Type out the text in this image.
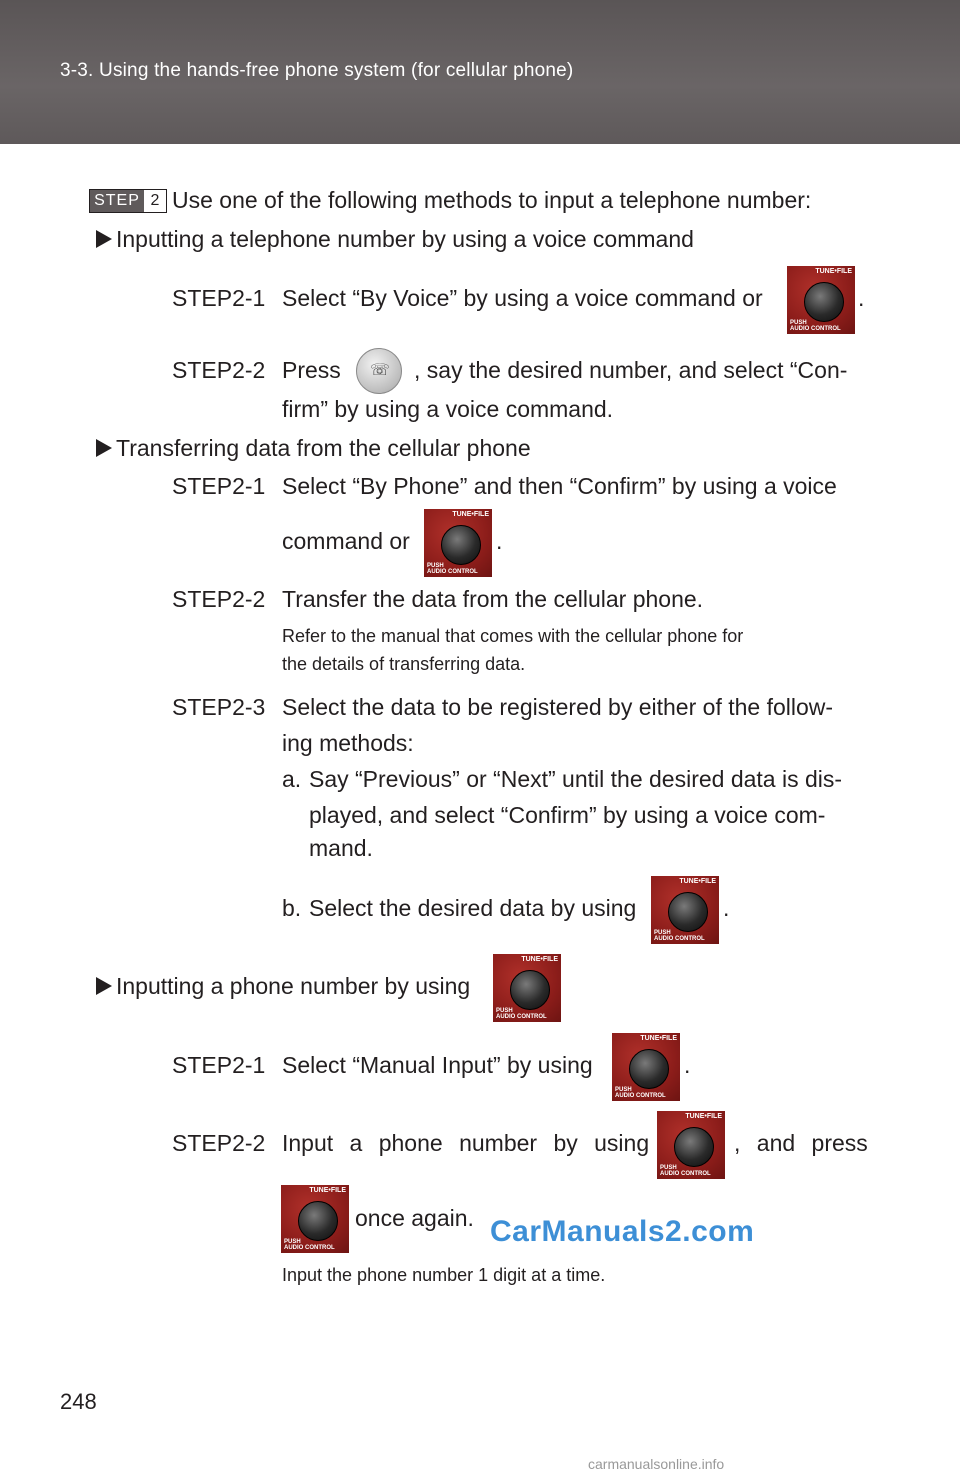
3-3. Using the hands-free phone system (for cellular phone)
STEP 2 Use one of the following methods to input a telephone number:
Inputting a telephone number by using a voice command
STEP2-1 Select “By Voice” by using a voice command or
TUNE•FILE
PUSH
AUDIO CONTROL
.
STEP2-2 Press ☏ , say the desired number, and select “Con-
firm” by using a voice command.
Transferring data from the cellular phone
STEP2-1 Select “By Phone” and then “Confirm” by using a voice
command or
TUNE•FILE
PUSH
AUDIO CONTROL
.
STEP2-2 Transfer the data from the cellular phone.
Refer to the manual that comes with the cellular phone for
the details of transferring data.
STEP2-3 Select the data to be registered by either of the follow-
ing methods:
a. Say “Previous” or “Next” until the desired data is dis-
played, and select “Confirm” by using a voice com-
mand.
b. Select the desired data by using
TUNE•FILE
PUSH
AUDIO CONTROL
.
Inputting a phone number by using
TUNE•FILE
PUSH
AUDIO CONTROL
STEP2-1 Select “Manual Input” by using
TUNE•FILE
PUSH
AUDIO CONTROL
.
STEP2-2 Input a phone number by using
TUNE•FILE
PUSH
AUDIO CONTROL
, and press
TUNE•FILE
PUSH
AUDIO CONTROL
once again.
Input the phone number 1 digit at a time.
CarManuals2.com
248
carmanualsonline.info
